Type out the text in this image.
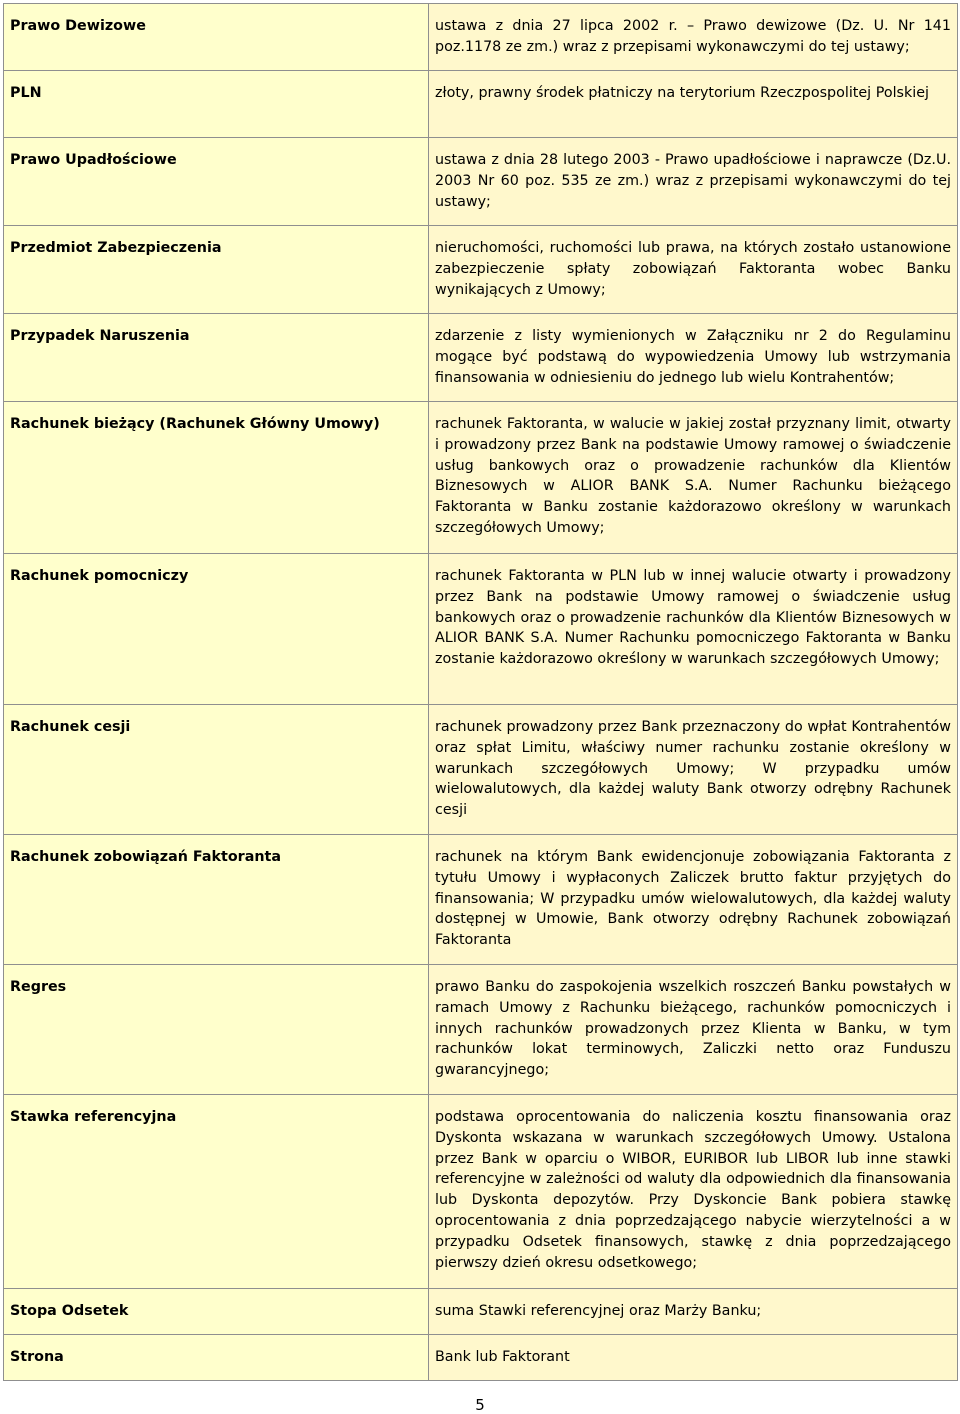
Prawo Dewizowe	ustawa z dnia 27 lipca 2002 r. – Prawo dewizowe (Dz. U. Nr 141 poz.1178 ze zm.) wraz z przepisami wykonawczymi do tej ustawy;
PLN	złoty, prawny środek płatniczy na terytorium Rzeczpospolitej Polskiej
Prawo Upadłościowe	ustawa z dnia 28 lutego 2003 - Prawo upadłościowe i naprawcze (Dz.U. 2003 Nr 60 poz. 535 ze zm.) wraz z przepisami wykonawczymi do tej ustawy;
Przedmiot Zabezpieczenia	nieruchomości, ruchomości lub prawa, na których zostało ustanowione zabezpieczenie spłaty zobowiązań Faktoranta wobec Banku wynikających z Umowy;
Przypadek Naruszenia	zdarzenie z listy wymienionych w Załączniku nr 2 do Regulaminu mogące być podstawą do wypowiedzenia Umowy lub wstrzymania finansowania w odniesieniu do jednego lub wielu Kontrahentów;
Rachunek bieżący (Rachunek Główny Umowy)	rachunek Faktoranta, w walucie w jakiej został przyznany limit, otwarty i prowadzony przez Bank na podstawie Umowy ramowej o świadczenie usług bankowych oraz o prowadzenie rachunków dla Klientów Biznesowych w ALIOR BANK S.A. Numer Rachunku bieżącego Faktoranta w Banku zostanie każdorazowo określony w warunkach szczegółowych Umowy;
Rachunek pomocniczy	rachunek Faktoranta w PLN lub w innej walucie otwarty i prowadzony przez Bank na podstawie Umowy ramowej o świadczenie usług bankowych oraz o prowadzenie rachunków dla Klientów Biznesowych w ALIOR BANK S.A. Numer Rachunku pomocniczego Faktoranta w Banku zostanie każdorazowo określony w warunkach szczegółowych Umowy;
Rachunek cesji	rachunek prowadzony przez Bank przeznaczony do wpłat Kontrahentów oraz spłat Limitu, właściwy numer rachunku zostanie określony w warunkach szczegółowych Umowy; W przypadku umów wielowalutowych, dla każdej waluty Bank otworzy odrębny Rachunek cesji
Rachunek zobowiązań Faktoranta	rachunek na którym Bank ewidencjonuje zobowiązania Faktoranta z tytułu Umowy i wypłaconych Zaliczek brutto faktur przyjętych do finansowania; W przypadku umów wielowalutowych, dla każdej waluty dostępnej w Umowie, Bank otworzy odrębny Rachunek zobowiązań Faktoranta
Regres	prawo Banku do zaspokojenia wszelkich roszczeń Banku powstałych w ramach Umowy z Rachunku bieżącego, rachunków pomocniczych i innych rachunków prowadzonych przez Klienta w Banku, w tym rachunków lokat terminowych, Zaliczki netto oraz Funduszu gwarancyjnego;
Stawka referencyjna	podstawa oprocentowania do naliczenia kosztu finansowania oraz Dyskonta wskazana w warunkach szczegółowych Umowy. Ustalona przez Bank w oparciu o WIBOR, EURIBOR lub LIBOR lub inne stawki referencyjne w zależności od waluty dla odpowiednich dla finansowania lub Dyskonta depozytów. Przy Dyskoncie Bank pobiera stawkę oprocentowania z dnia poprzedzającego nabycie wierzytelności a w przypadku Odsetek finansowych, stawkę z dnia poprzedzającego pierwszy dzień okresu odsetkowego;
Stopa Odsetek	suma Stawki referencyjnej oraz Marży Banku;
Strona	Bank lub Faktorant
5
